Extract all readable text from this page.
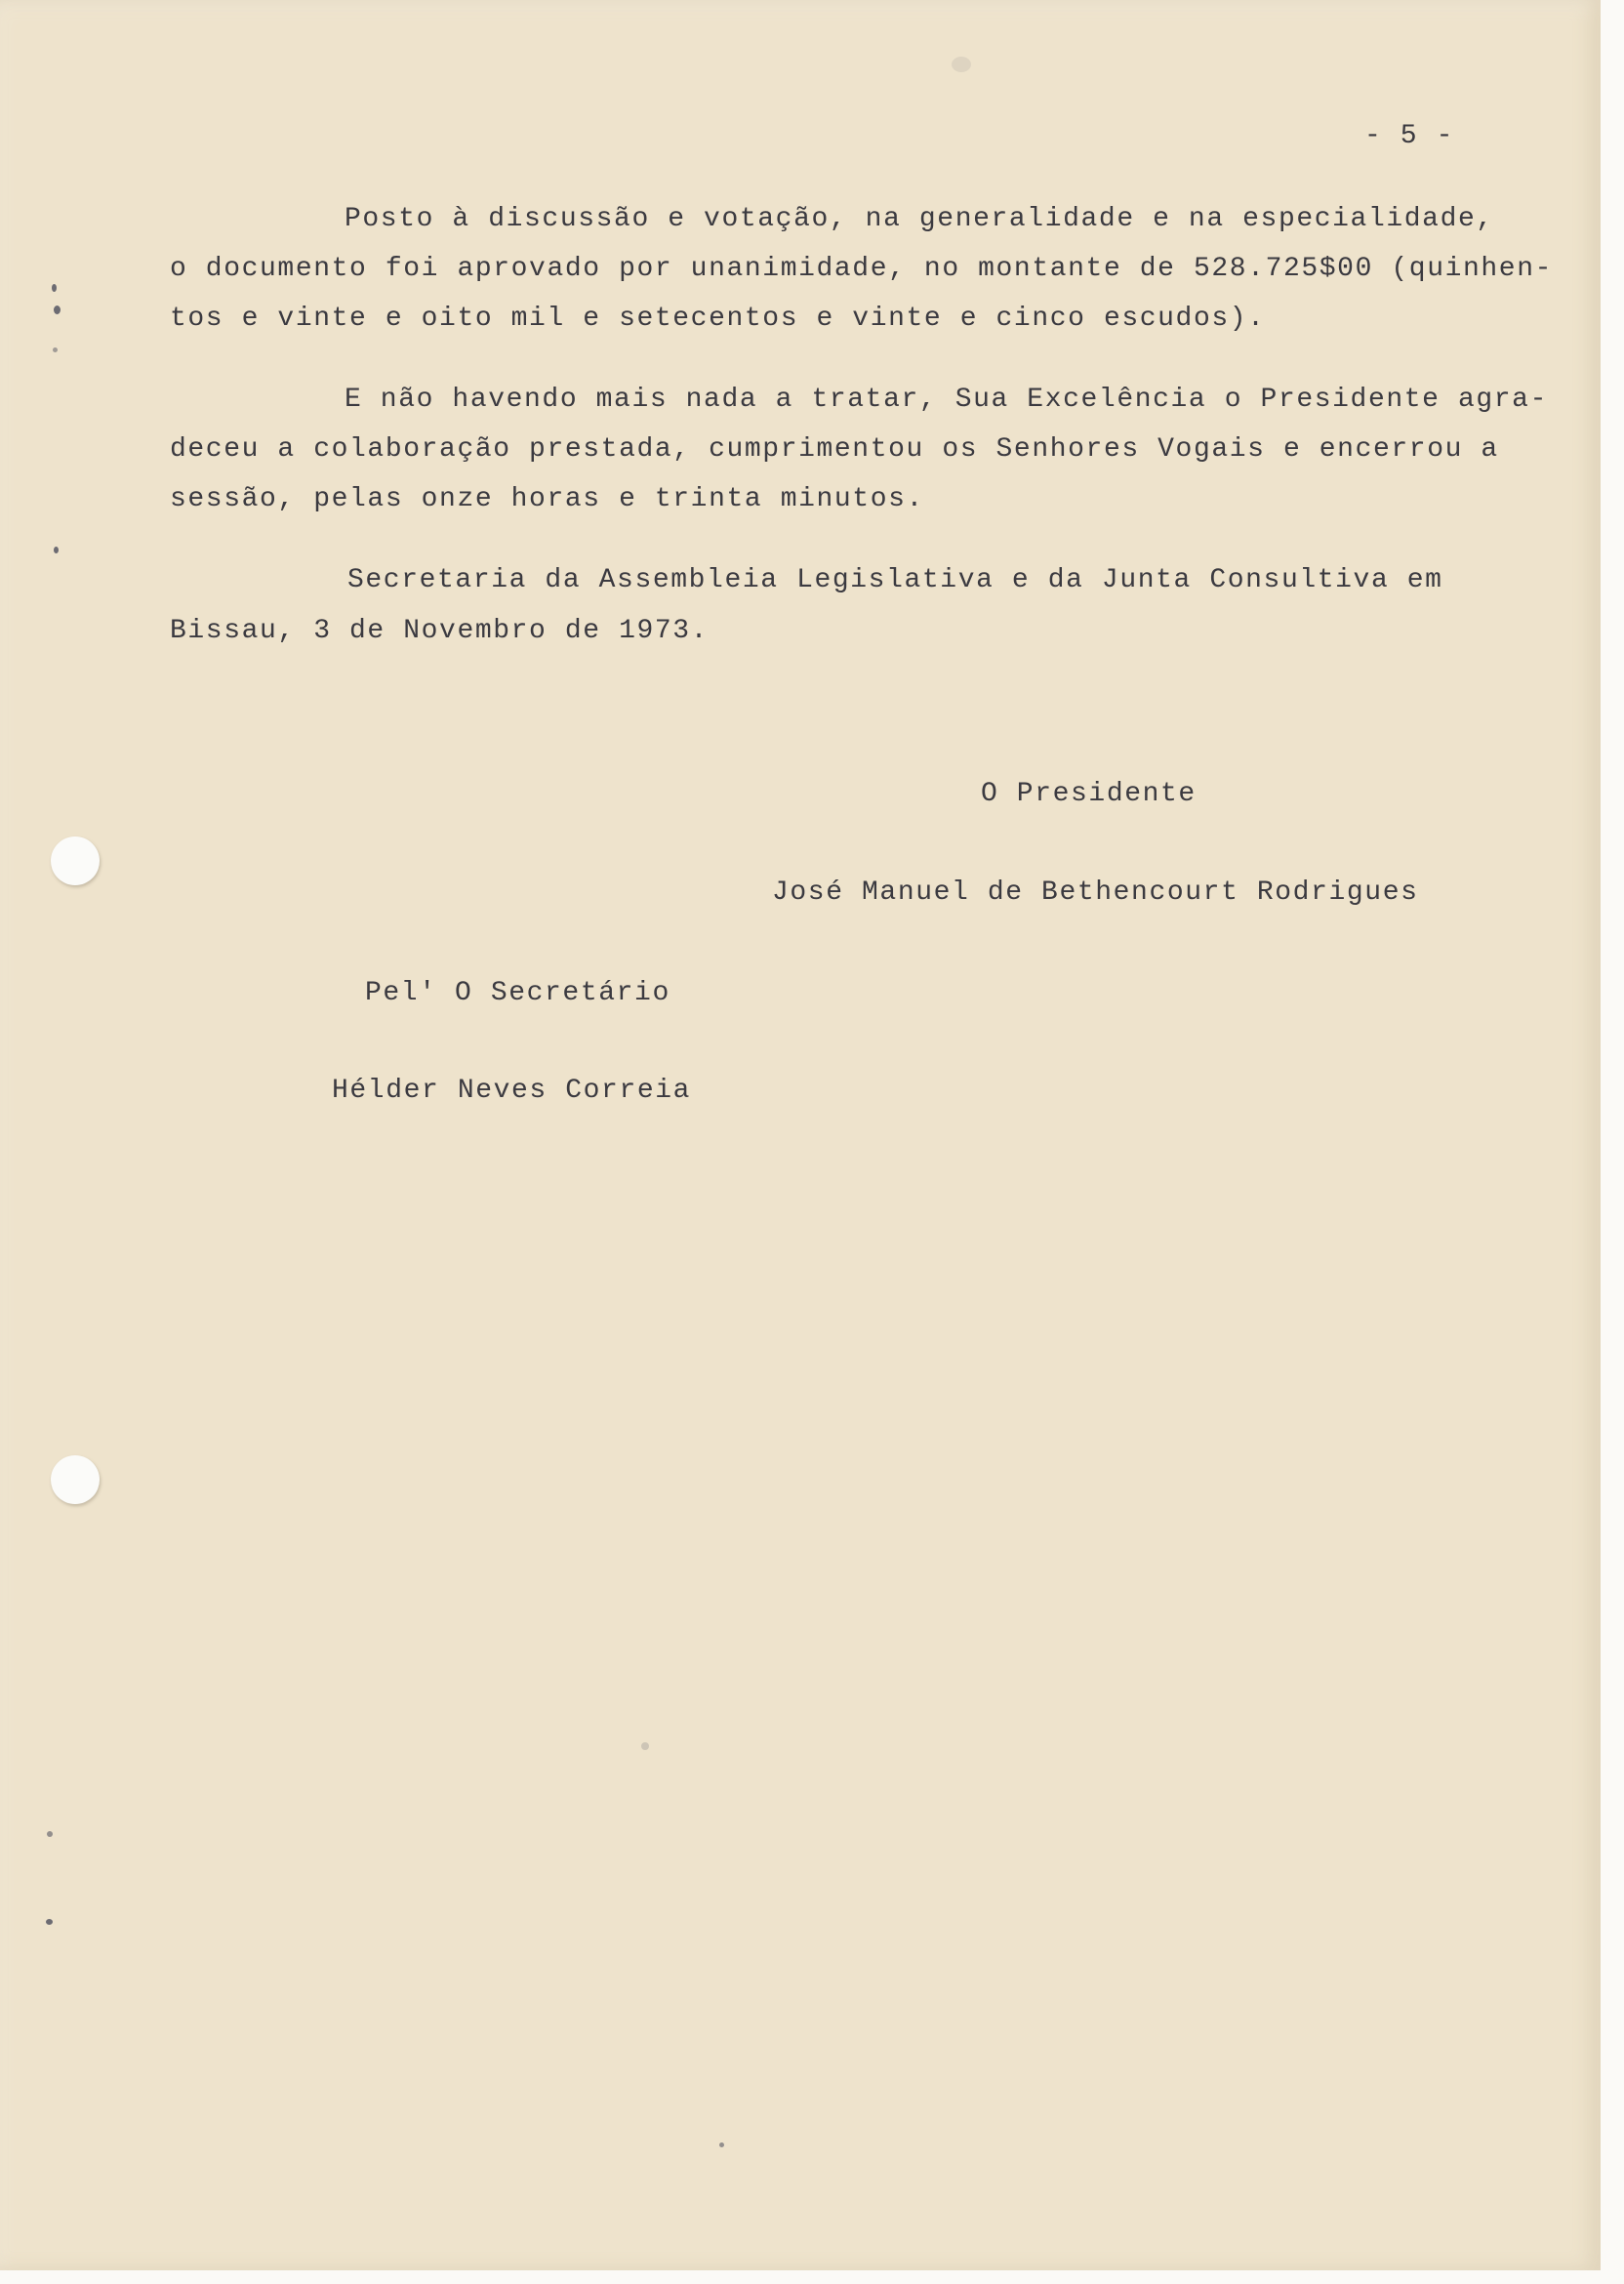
- 5 -
Posto à discussão e votação, na generalidade e na especialidade,
o documento foi aprovado por unanimidade, no montante de 528.725$00 (quinhen-
tos e vinte e oito mil e setecentos e vinte e cinco escudos).
E não havendo mais nada a tratar, Sua Excelência o Presidente agra-
deceu a colaboração prestada, cumprimentou os Senhores Vogais e encerrou a
sessão, pelas onze horas e trinta minutos.
Secretaria da Assembleia Legislativa e da Junta Consultiva em
Bissau, 3 de Novembro de 1973.
O Presidente
José Manuel de Bethencourt Rodrigues
Pel' O Secretário
Hélder Neves Correia
